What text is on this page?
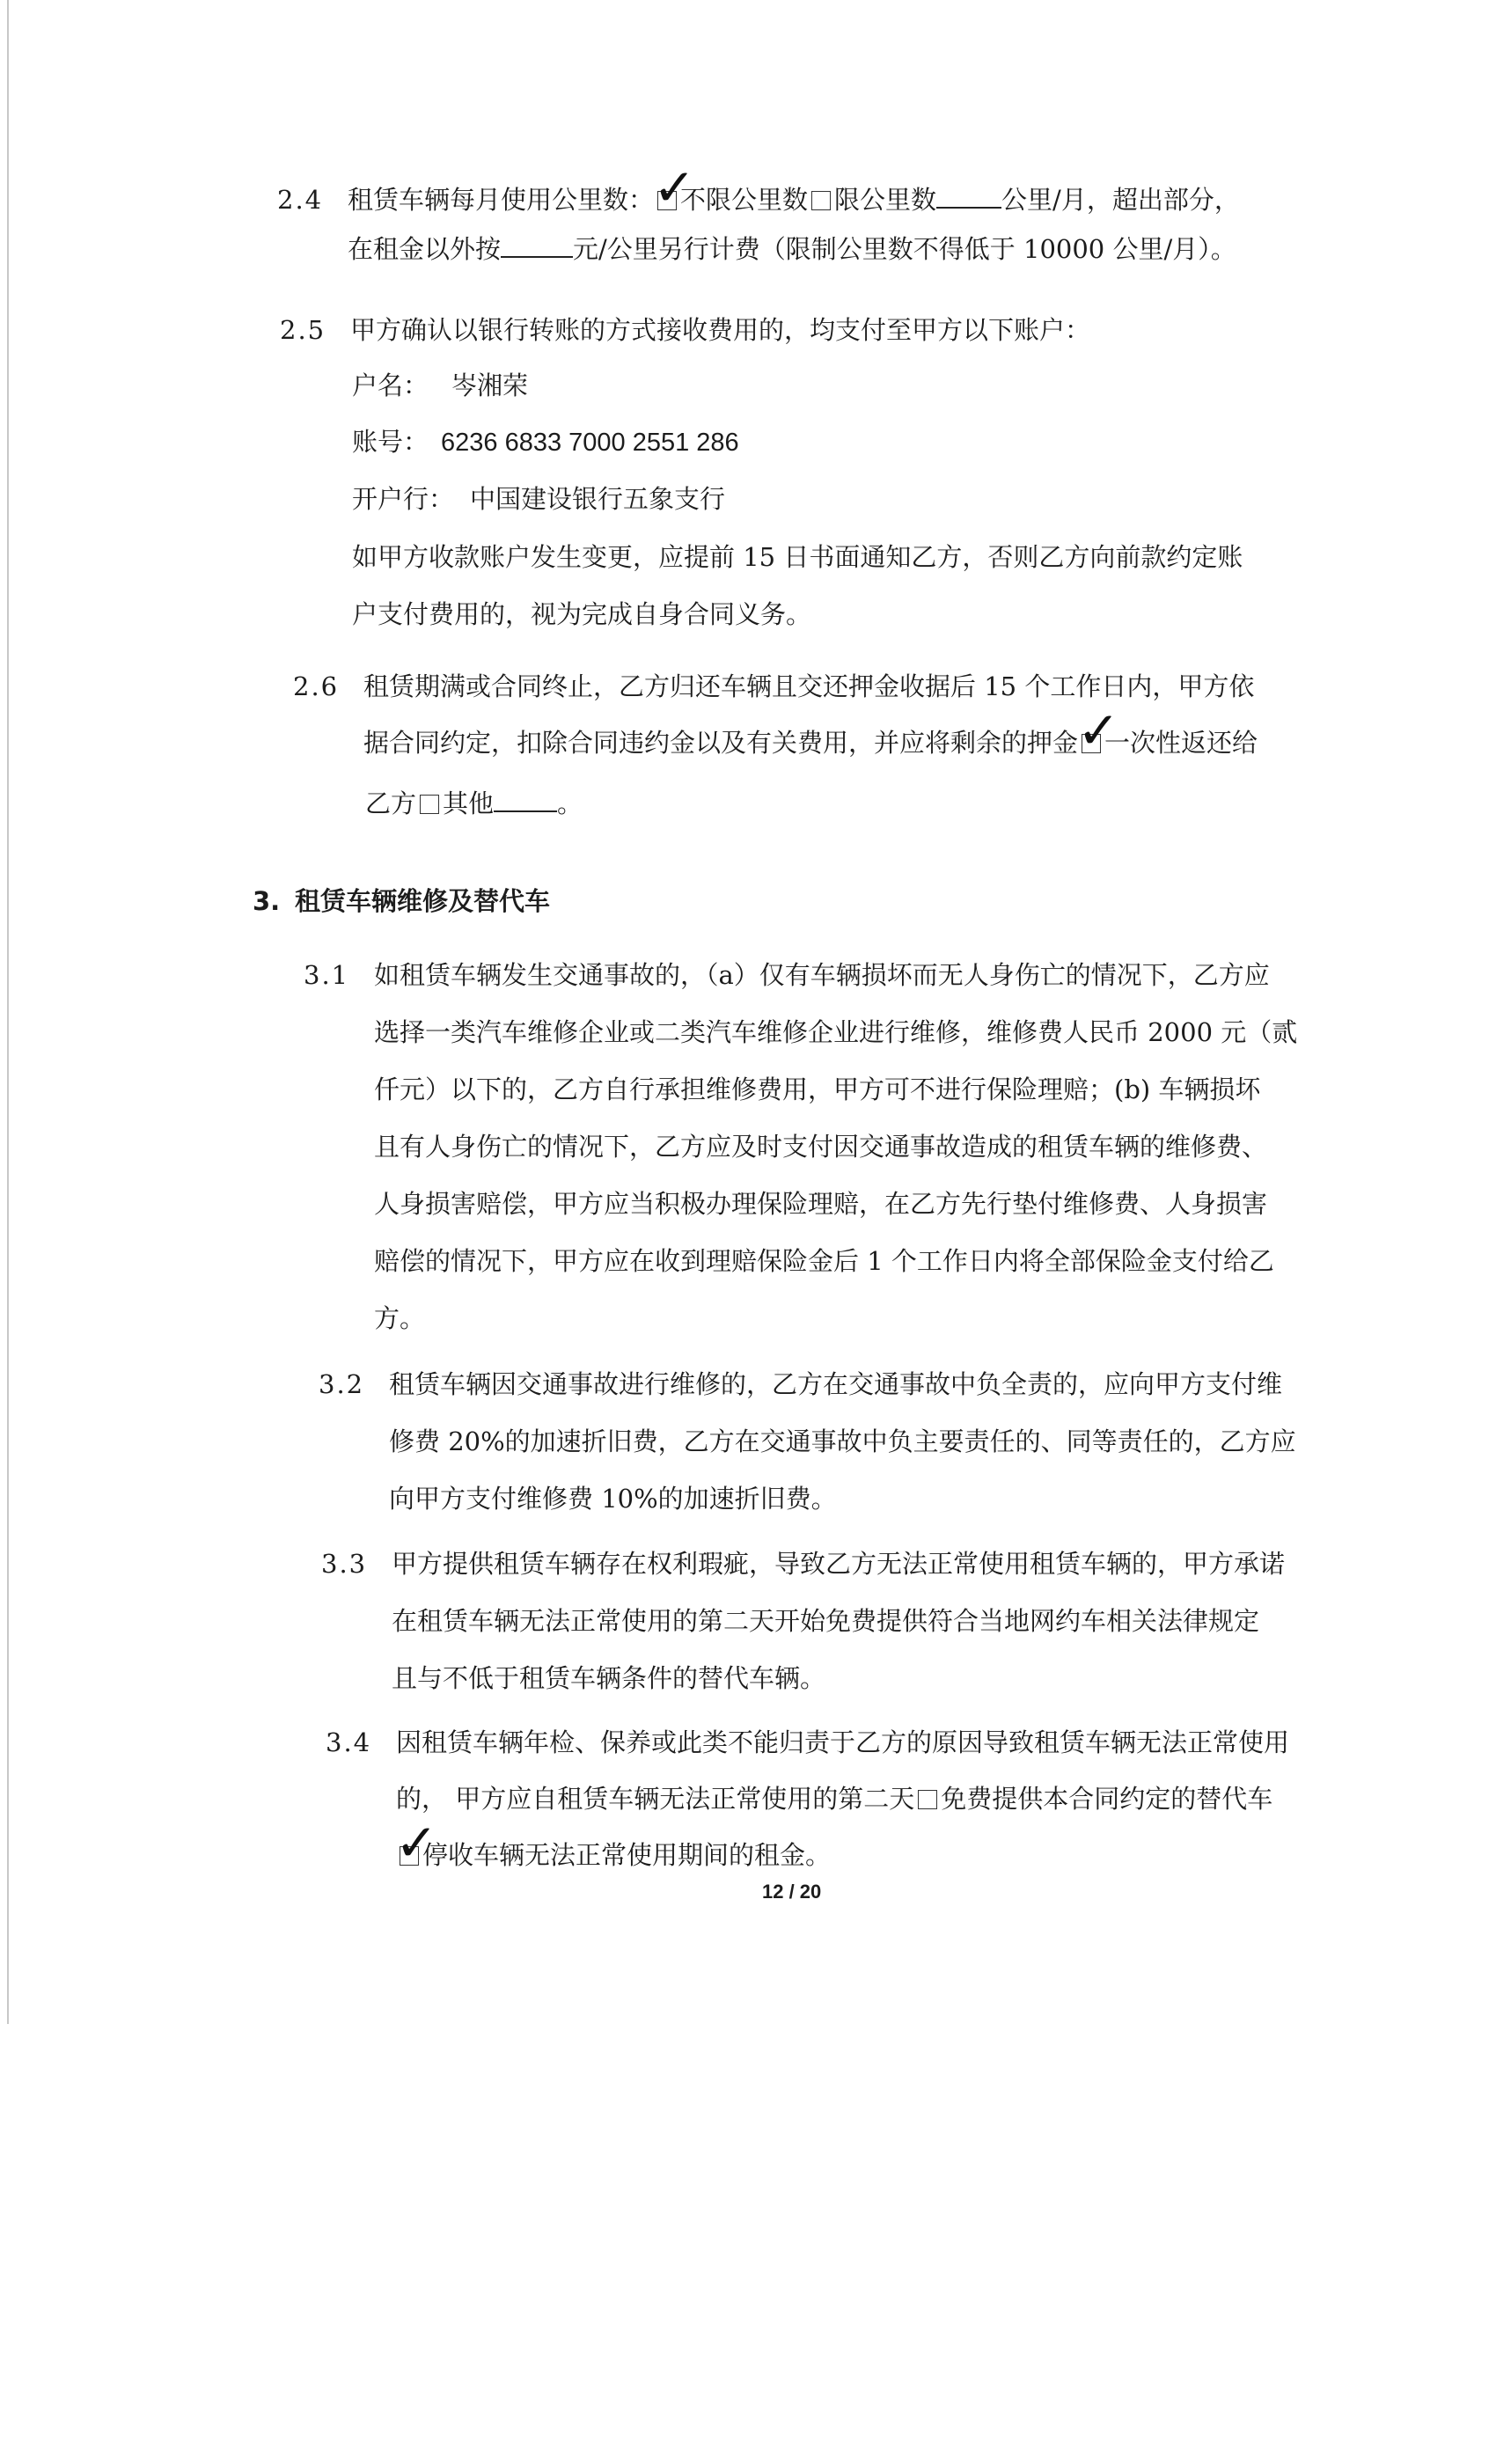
2.4 租赁车辆每月使用公里数： ✓
不限公里数 限公里数	公里/月，超出部分，
在租金以外按	元/公里另行计费（限制公里数不得低于 10000 公里/月）。
2.5 甲方确认以银行转账的方式接收费用的，均支付至甲方以下账户：
户名： 岑湘荣
账号： 6236 6833 7000 2551 286
开户行： 中国建设银行五象支行
如甲方收款账户发生变更，应提前 15 日书面通知乙方，否则乙方向前款约定账
户支付费用的，视为完成自身合同义务。
2.6 租赁期满或合同终止，乙方归还车辆且交还押金收据后 15 个工作日内，甲方依
据合同约定，扣除合同违约金以及有关费用，并应将剩余的押金 ✓
一次性返还给
乙方 其他 。
3. 租赁车辆维修及替代车
3.1 如租赁车辆发生交通事故的，（a）仅有车辆损坏而无人身伤亡的情况下，乙方应
选择一类汽车维修企业或二类汽车维修企业进行维修，维修费人民币 2000 元（贰
仟元）以下的，乙方自行承担维修费用，甲方可不进行保险理赔；(b) 车辆损坏
且有人身伤亡的情况下，乙方应及时支付因交通事故造成的租赁车辆的维修费、
人身损害赔偿，甲方应当积极办理保险理赔，在乙方先行垫付维修费、人身损害
赔偿的情况下，甲方应在收到理赔保险金后 1 个工作日内将全部保险金支付给乙
方。
3.2 租赁车辆因交通事故进行维修的，乙方在交通事故中负全责的，应向甲方支付维
修费 20%的加速折旧费，乙方在交通事故中负主要责任的、同等责任的，乙方应
向甲方支付维修费 10%的加速折旧费。
3.3 甲方提供租赁车辆存在权利瑕疵，导致乙方无法正常使用租赁车辆的，甲方承诺
在租赁车辆无法正常使用的第二天开始免费提供符合当地网约车相关法律规定
且与不低于租赁车辆条件的替代车辆。
3.4 因租赁车辆年检、保养或此类不能归责于乙方的原因导致租赁车辆无法正常使用
的， 甲方应自租赁车辆无法正常使用的第二天 免费提供本合同约定的替代车
✓
停收车辆无法正常使用期间的租金。
12 / 20
